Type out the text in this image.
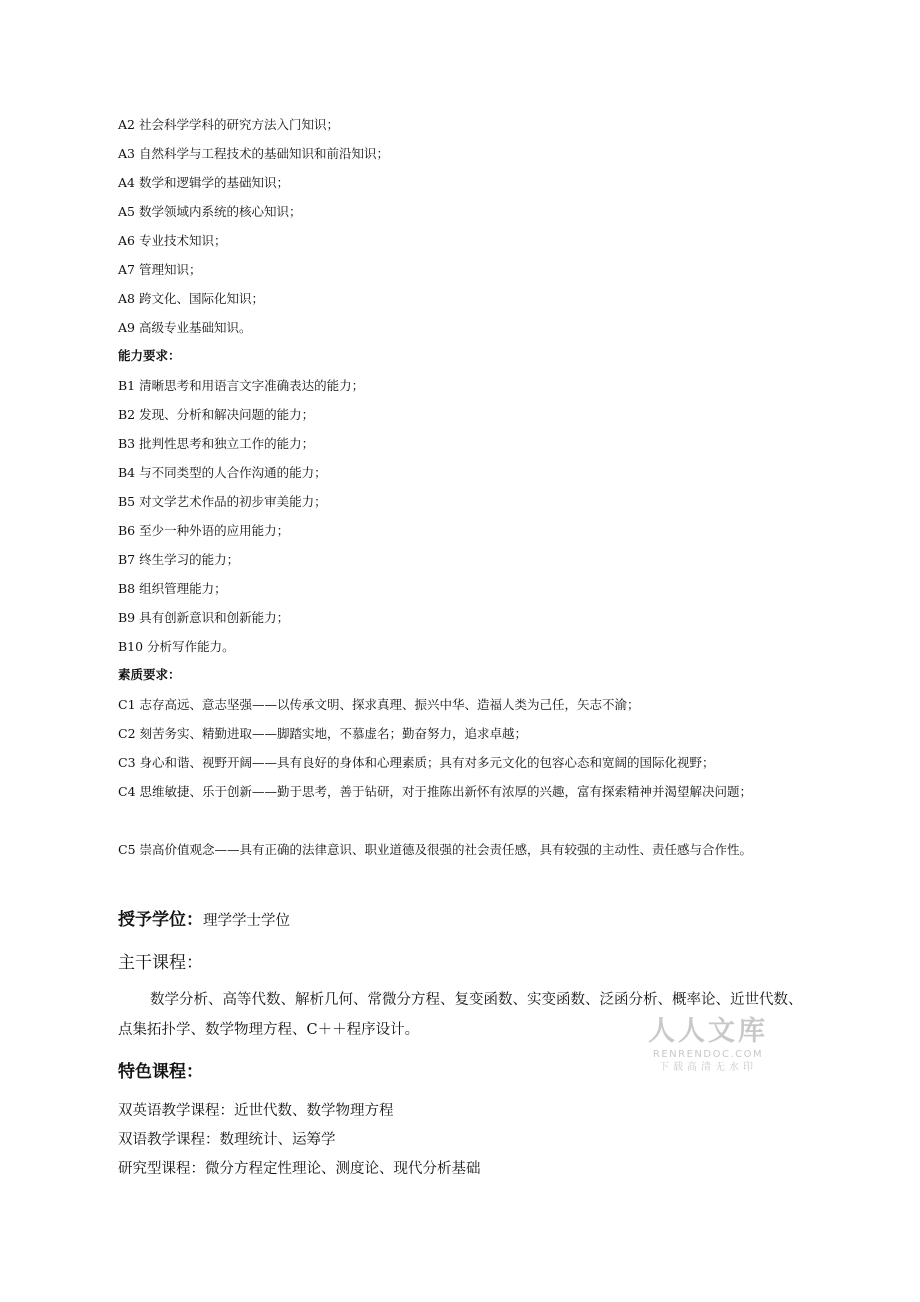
A2 社会科学学科的研究方法入门知识；
A3 自然科学与工程技术的基础知识和前沿知识；
A4 数学和逻辑学的基础知识；
A5 数学领域内系统的核心知识；
A6 专业技术知识；
A7 管理知识；
A8 跨文化、国际化知识；
A9 高级专业基础知识。
能力要求：
B1 清晰思考和用语言文字准确表达的能力；
B2 发现、分析和解决问题的能力；
B3 批判性思考和独立工作的能力；
B4 与不同类型的人合作沟通的能力；
B5 对文学艺术作品的初步审美能力；
B6 至少一种外语的应用能力；
B7 终生学习的能力；
B8 组织管理能力；
B9 具有创新意识和创新能力；
B10 分析写作能力。
素质要求：
C1 志存高远、意志坚强——以传承文明、探求真理、振兴中华、造福人类为己任，矢志不渝；
C2 刻苦务实、精勤进取——脚踏实地，不慕虚名；勤奋努力，追求卓越；
C3 身心和谐、视野开阔——具有良好的身体和心理素质；具有对多元文化的包容心态和宽阔的国际化视野；
C4 思维敏捷、乐于创新——勤于思考，善于钻研，对于推陈出新怀有浓厚的兴趣，富有探索精神并渴望解决问题；
C5 崇高价值观念——具有正确的法律意识、职业道德及很强的社会责任感，具有较强的主动性、责任感与合作性。
授予学位：理学学士学位
主干课程：
数学分析、高等代数、解析几何、常微分方程、复变函数、实变函数、泛函分析、概率论、近世代数、点集拓扑学、数学物理方程、C＋＋程序设计。
特色课程：
双英语教学课程：近世代数、数学物理方程
双语教学课程：数理统计、运筹学
研究型课程：微分方程定性理论、测度论、现代分析基础
人人文库
RENRENDOC.COM
下载高清无水印
